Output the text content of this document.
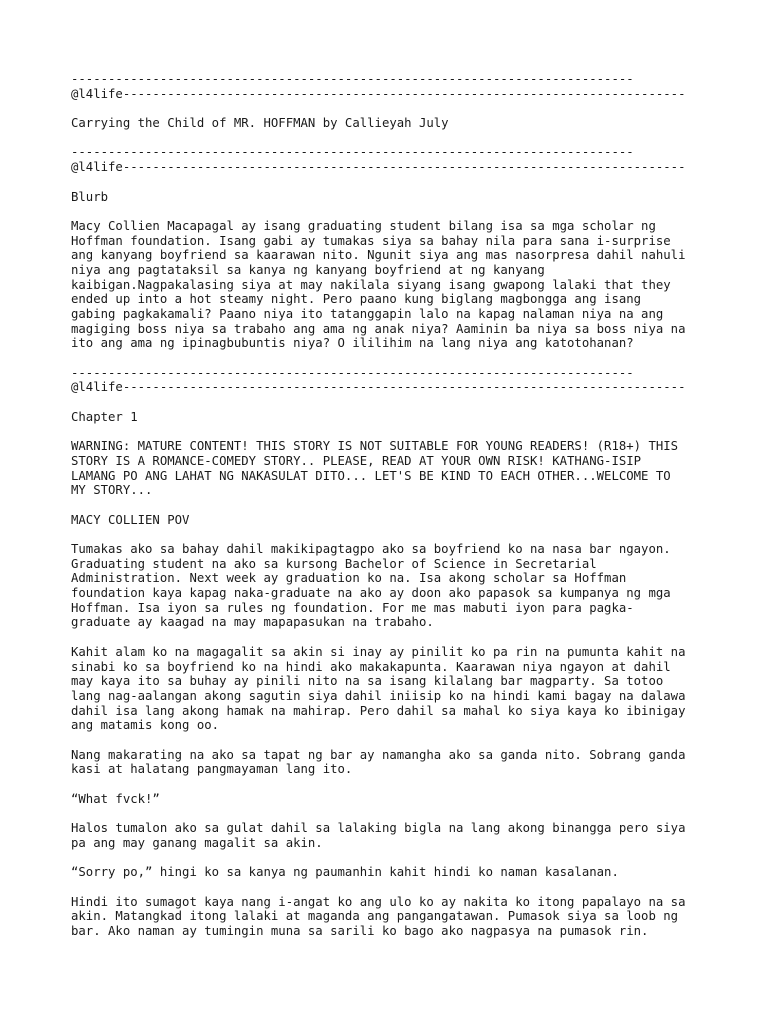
----------------------------------------------------------------------------
@l4life----------------------------------------------------------------------------
Carrying the Child of MR. HOFFMAN by Callieyah July
----------------------------------------------------------------------------
@l4life----------------------------------------------------------------------------
Blurb
Macy Collien Macapagal ay isang graduating student bilang isa sa mga scholar ng
Hoffman foundation. Isang gabi ay tumakas siya sa bahay nila para sana i-surprise
ang kanyang boyfriend sa kaarawan nito. Ngunit siya ang mas nasorpresa dahil nahuli
niya ang pagtataksil sa kanya ng kanyang boyfriend at ng kanyang
kaibigan.Nagpakalasing siya at may nakilala siyang isang gwapong lalaki that they
ended up into a hot steamy night. Pero paano kung biglang magbongga ang isang
gabing pagkakamali? Paano niya ito tatanggapin lalo na kapag nalaman niya na ang
magiging boss niya sa trabaho ang ama ng anak niya? Aaminin ba niya sa boss niya na
ito ang ama ng ipinagbubuntis niya? O ililihim na lang niya ang katotohanan?
----------------------------------------------------------------------------
@l4life----------------------------------------------------------------------------
Chapter 1
WARNING: MATURE CONTENT! THIS STORY IS NOT SUITABLE FOR YOUNG READERS! (R18+) THIS
STORY IS A ROMANCE-COMEDY STORY.. PLEASE, READ AT YOUR OWN RISK! KATHANG-ISIP
LAMANG PO ANG LAHAT NG NAKASULAT DITO... LET'S BE KIND TO EACH OTHER...WELCOME TO
MY STORY...
MACY COLLIEN POV
Tumakas ako sa bahay dahil makikipagtagpo ako sa boyfriend ko na nasa bar ngayon.
Graduating student na ako sa kursong Bachelor of Science in Secretarial
Administration. Next week ay graduation ko na. Isa akong scholar sa Hoffman
foundation kaya kapag naka-graduate na ako ay doon ako papasok sa kumpanya ng mga
Hoffman. Isa iyon sa rules ng foundation. For me mas mabuti iyon para pagka-
graduate ay kaagad na may mapapasukan na trabaho.
Kahit alam ko na magagalit sa akin si inay ay pinilit ko pa rin na pumunta kahit na
sinabi ko sa boyfriend ko na hindi ako makakapunta. Kaarawan niya ngayon at dahil
may kaya ito sa buhay ay pinili nito na sa isang kilalang bar magparty. Sa totoo
lang nag-aalangan akong sagutin siya dahil iniisip ko na hindi kami bagay na dalawa
dahil isa lang akong hamak na mahirap. Pero dahil sa mahal ko siya kaya ko ibinigay
ang matamis kong oo.
Nang makarating na ako sa tapat ng bar ay namangha ako sa ganda nito. Sobrang ganda
kasi at halatang pangmayaman lang ito.
“What fvck!”
Halos tumalon ako sa gulat dahil sa lalaking bigla na lang akong binangga pero siya
pa ang may ganang magalit sa akin.
“Sorry po,” hingi ko sa kanya ng paumanhin kahit hindi ko naman kasalanan.
Hindi ito sumagot kaya nang i-angat ko ang ulo ko ay nakita ko itong papalayo na sa
akin. Matangkad itong lalaki at maganda ang pangangatawan. Pumasok siya sa loob ng
bar. Ako naman ay tumingin muna sa sarili ko bago ako nagpasya na pumasok rin.
